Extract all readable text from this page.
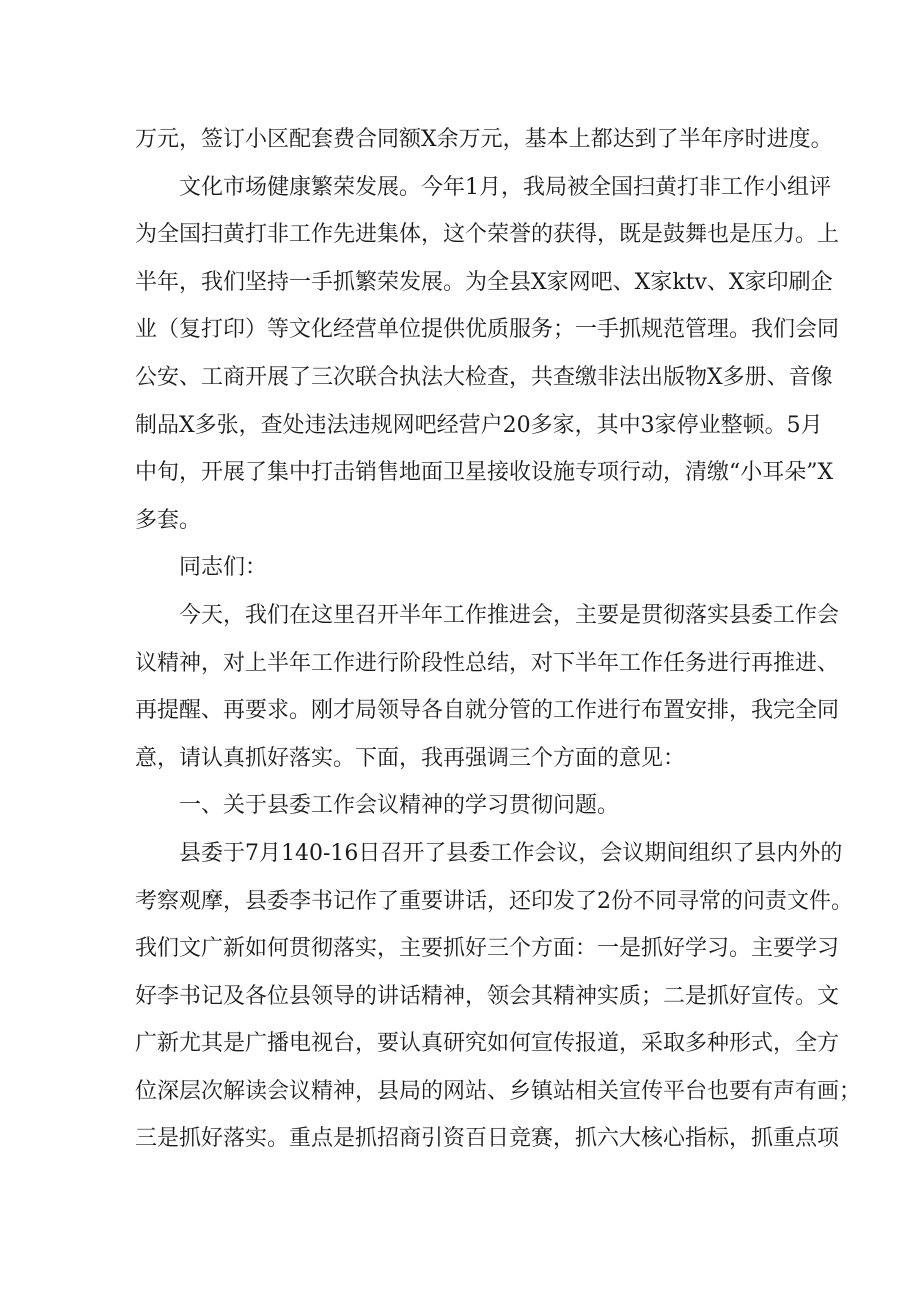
万元，签订小区配套费合同额X余万元，基本上都达到了半年序时进度。
文化市场健康繁荣发展。今年1月，我局被全国扫黄打非工作小组评
为全国扫黄打非工作先进集体，这个荣誉的获得，既是鼓舞也是压力。上
半年，我们坚持一手抓繁荣发展。为全县X家网吧、X家ktv、X家印刷企
业（复打印）等文化经营单位提供优质服务；一手抓规范管理。我们会同
公安、工商开展了三次联合执法大检查，共查缴非法出版物X多册、音像
制品X多张，查处违法违规网吧经营户20多家，其中3家停业整顿。5月
中旬，开展了集中打击销售地面卫星接收设施专项行动，清缴“小耳朵”X
多套。
同志们：
今天，我们在这里召开半年工作推进会，主要是贯彻落实县委工作会
议精神，对上半年工作进行阶段性总结，对下半年工作任务进行再推进、
再提醒、再要求。刚才局领导各自就分管的工作进行布置安排，我完全同
意，请认真抓好落实。下面，我再强调三个方面的意见：
一、关于县委工作会议精神的学习贯彻问题。
县委于7月140-16日召开了县委工作会议，会议期间组织了县内外的
考察观摩，县委李书记作了重要讲话，还印发了2份不同寻常的问责文件。
我们文广新如何贯彻落实，主要抓好三个方面：一是抓好学习。主要学习
好李书记及各位县领导的讲话精神，领会其精神实质；二是抓好宣传。文
广新尤其是广播电视台，要认真研究如何宣传报道，采取多种形式，全方
位深层次解读会议精神，县局的网站、乡镇站相关宣传平台也要有声有画；
三是抓好落实。重点是抓招商引资百日竞赛，抓六大核心指标，抓重点项
